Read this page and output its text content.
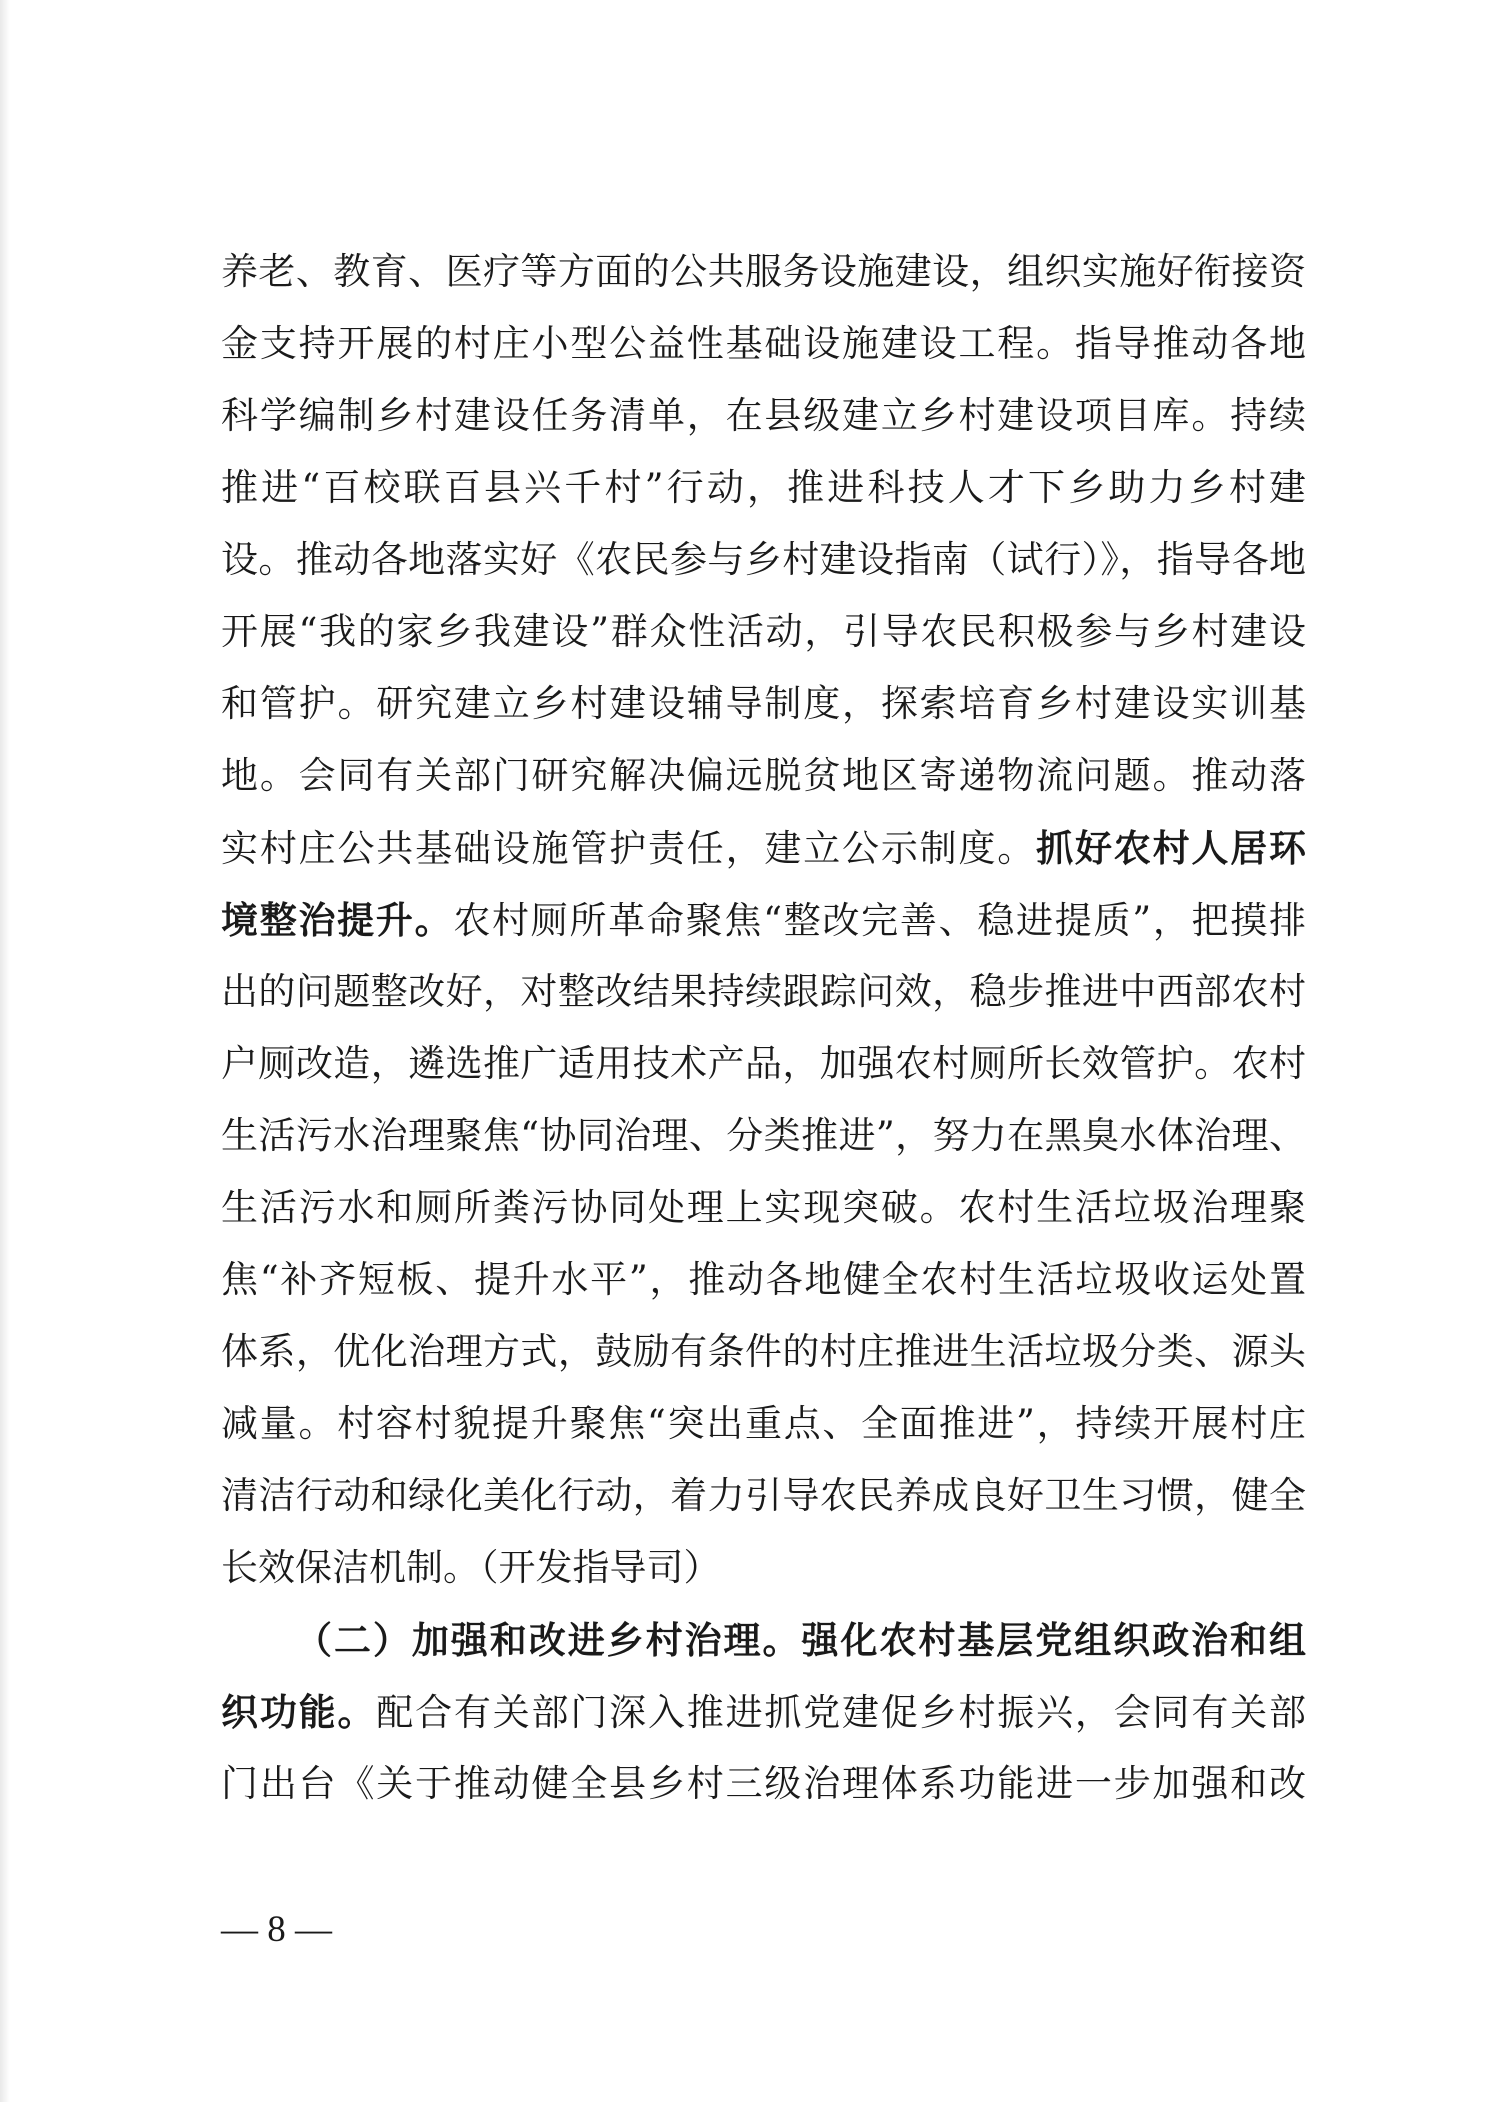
养老、教育、医疗等方面的公共服务设施建设，组织实施好衔接资
金支持开展的村庄小型公益性基础设施建设工程。指导推动各地
科学编制乡村建设任务清单，在县级建立乡村建设项目库。持续
推进“百校联百县兴千村”行动，推进科技人才下乡助力乡村建
设。推动各地落实好《农民参与乡村建设指南（试行）》，指导各地
开展“我的家乡我建设”群众性活动，引导农民积极参与乡村建设
和管护。研究建立乡村建设辅导制度，探索培育乡村建设实训基
地。会同有关部门研究解决偏远脱贫地区寄递物流问题。推动落
实村庄公共基础设施管护责任，建立公示制度。抓好农村人居环
境整治提升。农村厕所革命聚焦“整改完善、稳进提质”，把摸排
出的问题整改好，对整改结果持续跟踪问效，稳步推进中西部农村
户厕改造，遴选推广适用技术产品，加强农村厕所长效管护。农村
生活污水治理聚焦“协同治理、分类推进”，努力在黑臭水体治理、
生活污水和厕所粪污协同处理上实现突破。农村生活垃圾治理聚
焦“补齐短板、提升水平”，推动各地健全农村生活垃圾收运处置
体系，优化治理方式，鼓励有条件的村庄推进生活垃圾分类、源头
减量。村容村貌提升聚焦“突出重点、全面推进”，持续开展村庄
清洁行动和绿化美化行动，着力引导农民养成良好卫生习惯，健全
长效保洁机制。（开发指导司）
（二）加强和改进乡村治理。强化农村基层党组织政治和组
织功能。配合有关部门深入推进抓党建促乡村振兴，会同有关部
门出台《关于推动健全县乡村三级治理体系功能进一步加强和改
— 8 —
